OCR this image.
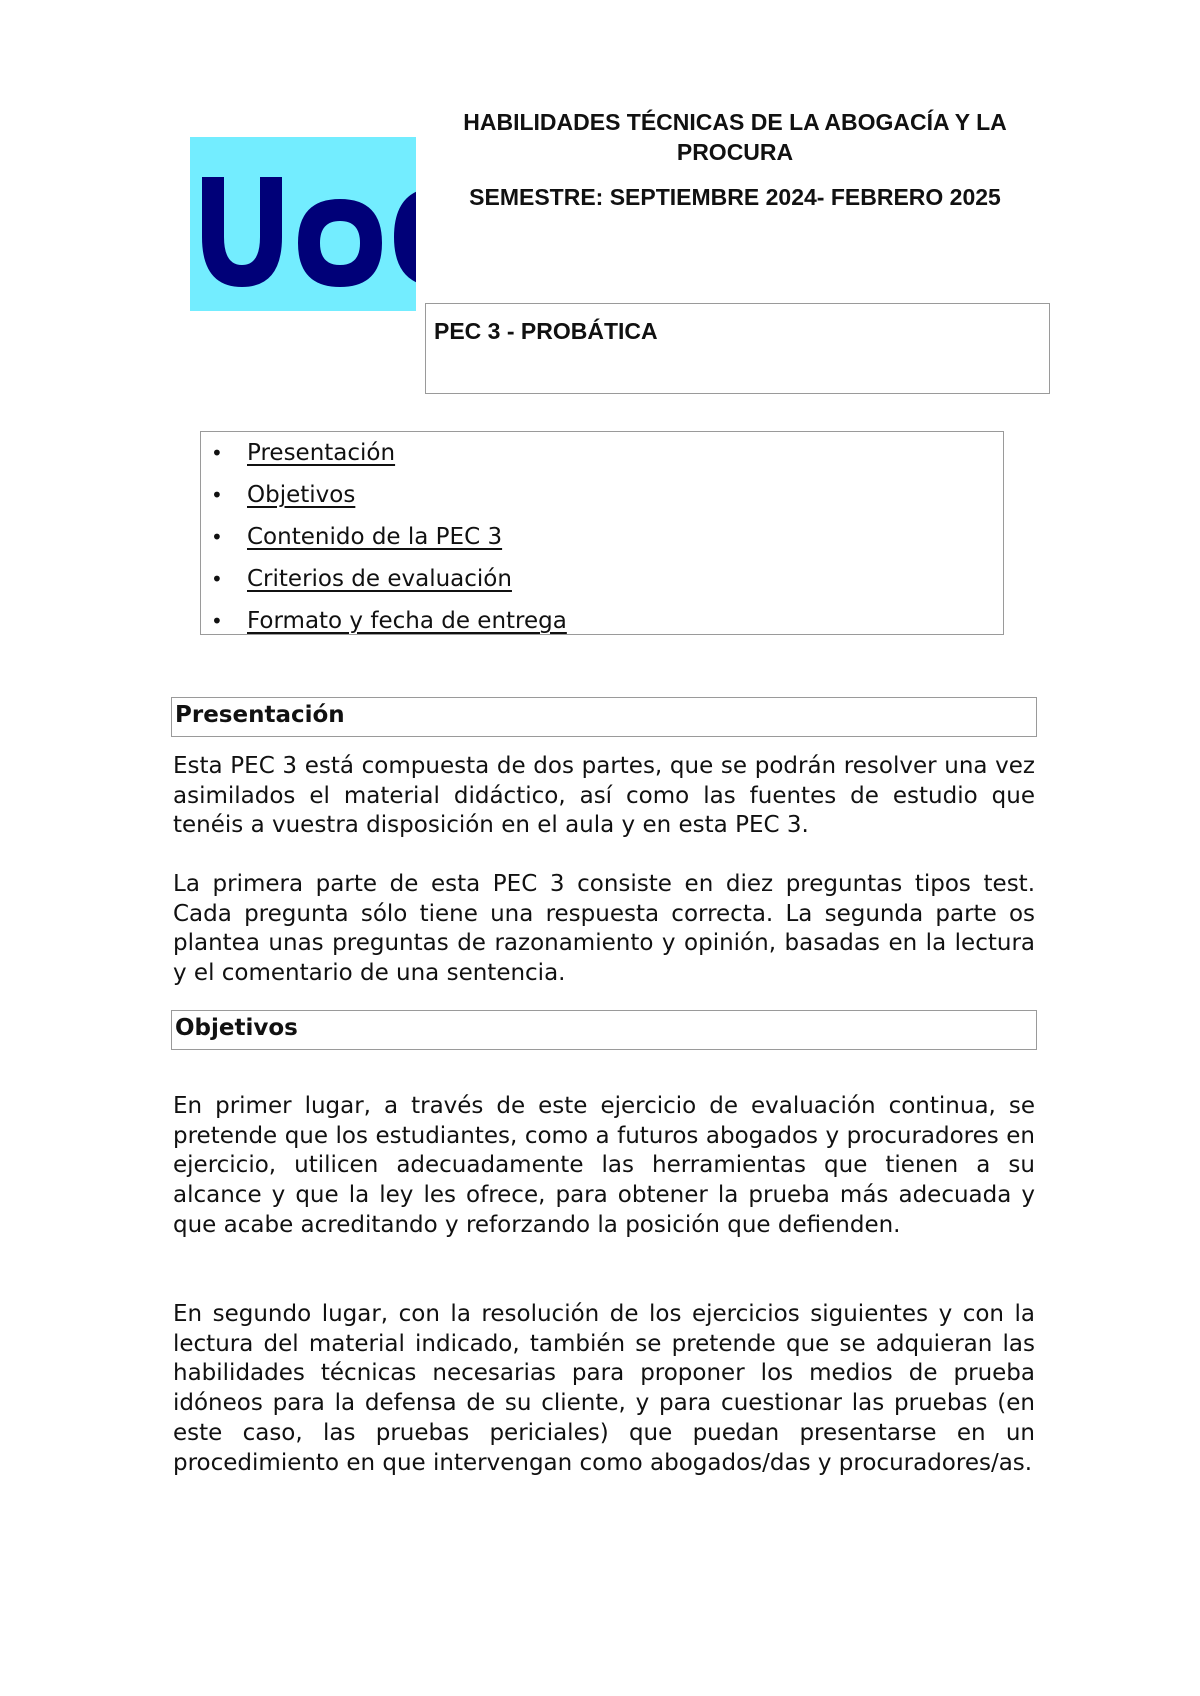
HABILIDADES TÉCNICAS DE LA ABOGACÍA Y LA PROCURA
SEMESTRE: SEPTIEMBRE 2024- FEBRERO 2025
PEC 3 - PROBÁTICA
• Presentación
• Objetivos
• Contenido de la PEC 3
• Criterios de evaluación
• Formato y fecha de entrega
Presentación

Esta PEC 3 está compuesta de dos partes, que se podrán resolver una vez asimilados el material didáctico, así como las fuentes de estudio que tenéis a vuestra disposición en el aula y en esta PEC 3.

La primera parte de esta PEC 3 consiste en diez preguntas tipos test. Cada pregunta sólo tiene una respuesta correcta. La segunda parte os plantea unas preguntas de razonamiento y opinión, basadas en la lectura y el comentario de una sentencia.

Objetivos

En primer lugar, a través de este ejercicio de evaluación continua, se pretende que los estudiantes, como a futuros abogados y procuradores en ejercicio, utilicen adecuadamente las herramientas que tienen a su alcance y que la ley les ofrece, para obtener la prueba más adecuada y que acabe acreditando y reforzando la posición que defienden.

En segundo lugar, con la resolución de los ejercicios siguientes y con la lectura del material indicado, también se pretende que se adquieran las habilidades técnicas necesarias para proponer los medios de prueba idóneos para la defensa de su cliente, y para cuestionar las pruebas (en este caso, las pruebas periciales) que puedan presentarse en un procedimiento en que intervengan como abogados/das y procuradores/as.
